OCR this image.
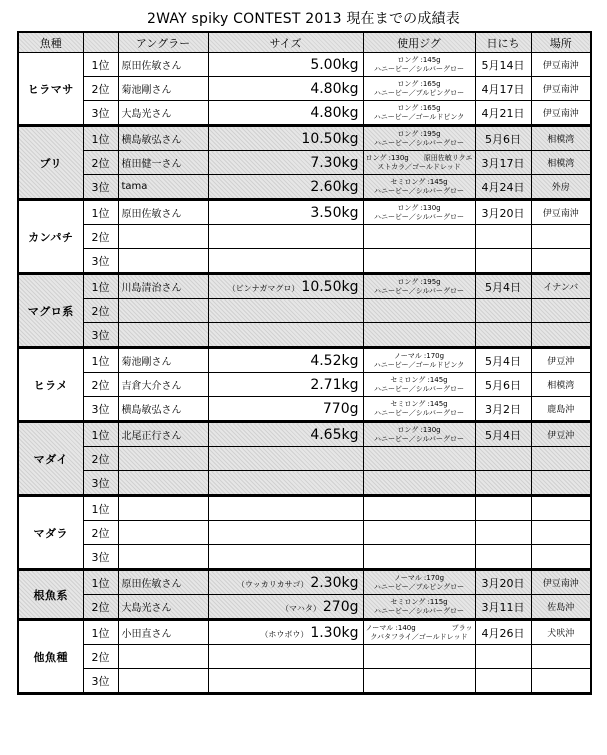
2WAY spiky CONTEST 2013 現在までの成績表
魚種		アングラー	サイズ	使用ジグ	日にち	場所
ヒラマサ	1位	原田佐敏さん	5.00kg	ロング :145g
ハニービー／シルバーグロー	5月14日	伊豆南沖
	2位	菊池剛さん	4.80kg	ロング :165g
ハニービー／ブルピングロー	4月17日	伊豆南沖
	3位	大島光さん	4.80kg	ロング :165g
ハニービー／ゴールドピンク	4月21日	伊豆南沖
ブリ	1位	横島敏弘さん	10.50kg	ロング :195g
ハニービー／シルバーグロー	5月6日	相模湾
	2位	植田健一さん	7.30kg	ロング :130g 原田佐敏リクエ
ストカラ／ゴールドレッド	3月17日	相模湾
	3位	tama	2.60kg	セミロング :145g
ハニービー／シルバーグロー	4月24日	外房
カンパチ	1位	原田佐敏さん	3.50kg	ロング :130g
ハニービー／シルバーグロー	3月20日	伊豆南沖
	2位			

	3位			

マグロ系	1位	川島清治さん	（ビンナガマグロ） 10.50kg	ロング :195g
ハニービー／シルバーグロー	5月4日	イナンバ
	2位			

	3位			

ヒラメ	1位	菊池剛さん	4.52kg	ノーマル :170g
ハニービー／ゴールドピンク	5月4日	伊豆沖
	2位	吉倉大介さん	2.71kg	セミロング :145g
ハニービー／シルバーグロー	5月6日	相模湾
	3位	横島敏弘さん	770g	セミロング :145g
ハニービー／シルバーグロー	3月2日	鹿島沖
マダイ	1位	北尾正行さん	4.65kg	ロング :130g
ハニービー／シルバーグロー	5月4日	伊豆沖
	2位			

	3位			

マダラ	1位			

	2位			

	3位			

根魚系	1位	原田佐敏さん	（ウッカリカサゴ） 2.30kg	ノーマル :170g
ハニービー／ブルピングロー	3月20日	伊豆南沖
	2位	大島光さん	（マハタ） 270g	セミロング :115g
ハニービー／シルバーグロー	3月11日	佐島沖
他魚種	1位	小田直さん	（ホウボウ） 1.30kg	ノーマル :140g ブラッ
クバタフライ／ゴールドレッド	4月26日	犬吠沖
	2位			

	3位			
